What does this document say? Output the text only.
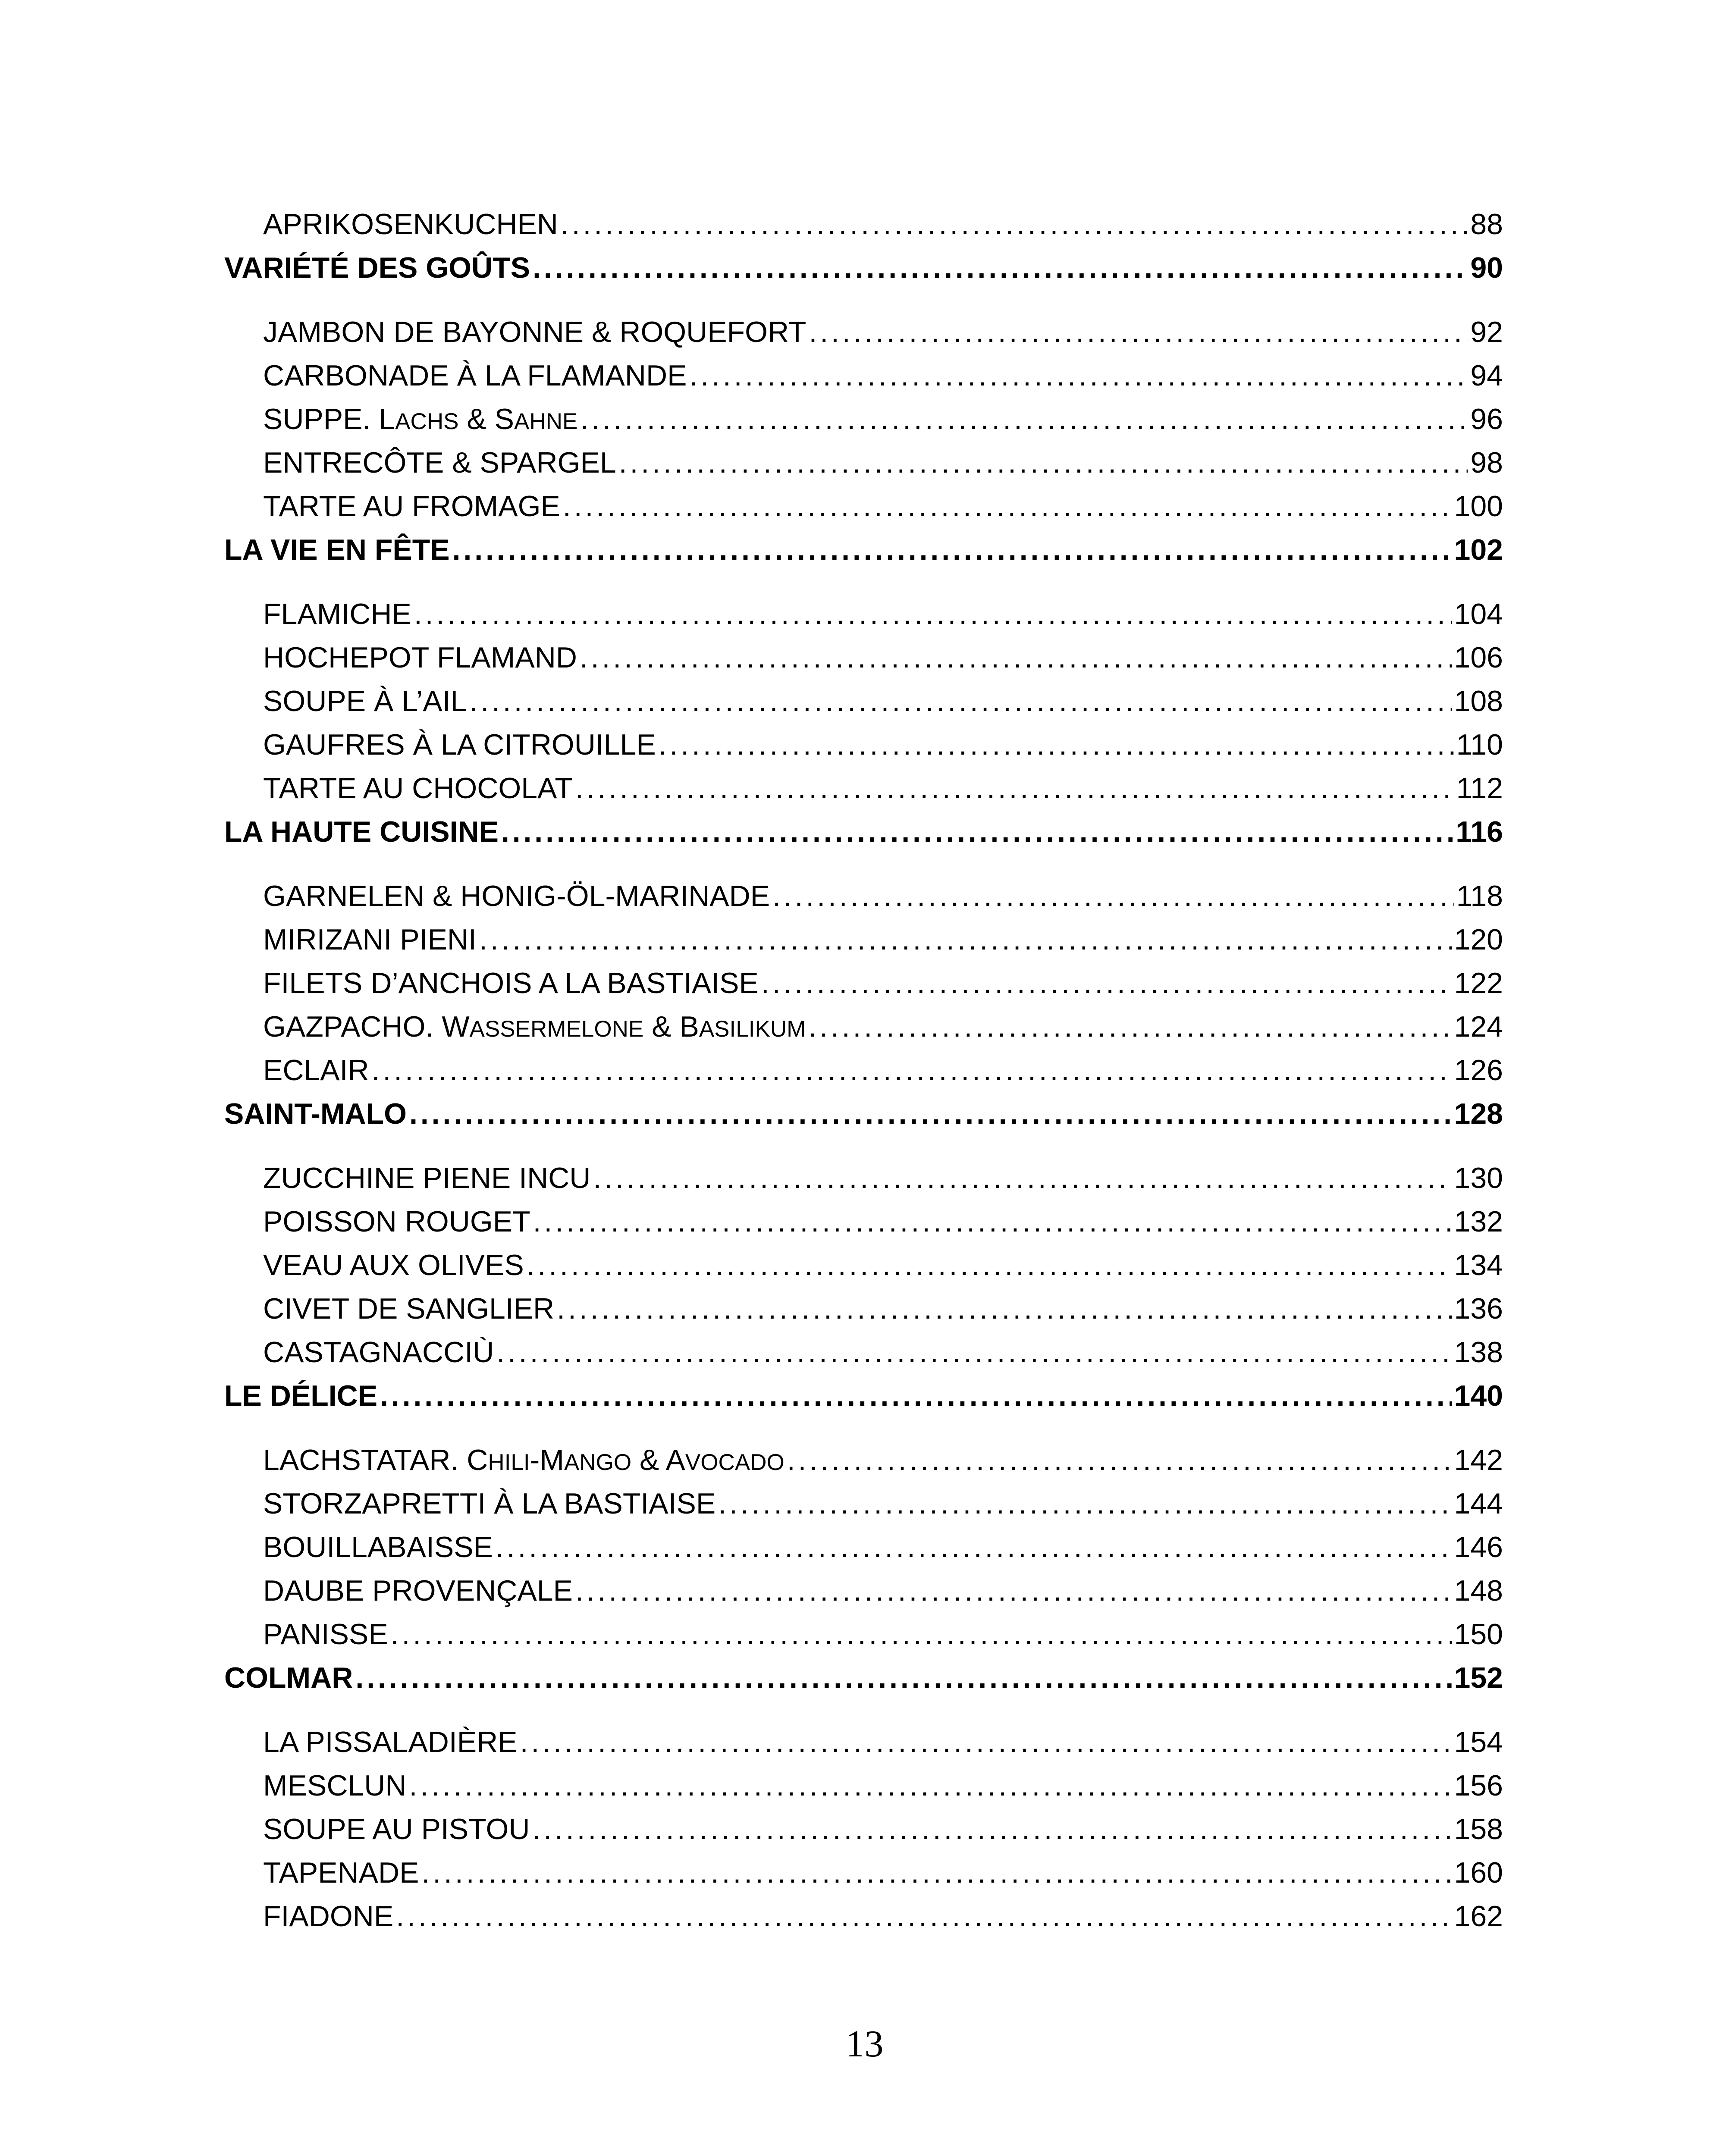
APRIKOSENKUCHEN . . .	88
VARIÉTÉ DES GOÛTS . . .	90
JAMBON DE BAYONNE & ROQUEFORT . . .	92
CARBONADE À LA FLAMANDE . . .	94
SUPPE. LACHS & SAHNE . . .	96
ENTRECÔTE & SPARGEL . . .	98
TARTE AU FROMAGE . . .	100
LA VIE EN FÊTE . . .	102
FLAMICHE . . .	104
HOCHEPOT FLAMAND . . .	106
SOUPE À L’AIL . . .	108
GAUFRES À LA CITROUILLE . . .	110
TARTE AU CHOCOLAT . . .	112
LA HAUTE CUISINE . . .	116
GARNELEN & HONIG-ÖL-MARINADE . . .	118
MIRIZANI PIENI . . .	120
FILETS D’ANCHOIS A LA BASTIAISE . . .	122
GAZPACHO. WASSERMELONE & BASILIKUM . . .	124
ECLAIR . . .	126
SAINT-MALO . . .	128
ZUCCHINE PIENE INCU . . .	130
POISSON ROUGET . . .	132
VEAU AUX OLIVES . . .	134
CIVET DE SANGLIER . . .	136
CASTAGNACCIÙ . . .	138
LE DÉLICE . . .	140
LACHSTATAR. CHILI-MANGO & AVOCADO . . .	142
STORZAPRETTI À LA BASTIAISE . . .	144
BOUILLABAISSE . . .	146
DAUBE PROVENÇALE . . .	148
PANISSE . . .	150
COLMAR . . .	152
LA PISSALADIÈRE . . .	154
MESCLUN . . .	156
SOUPE AU PISTOU . . .	158
TAPENADE . . .	160
FIADONE . . .	162
13
